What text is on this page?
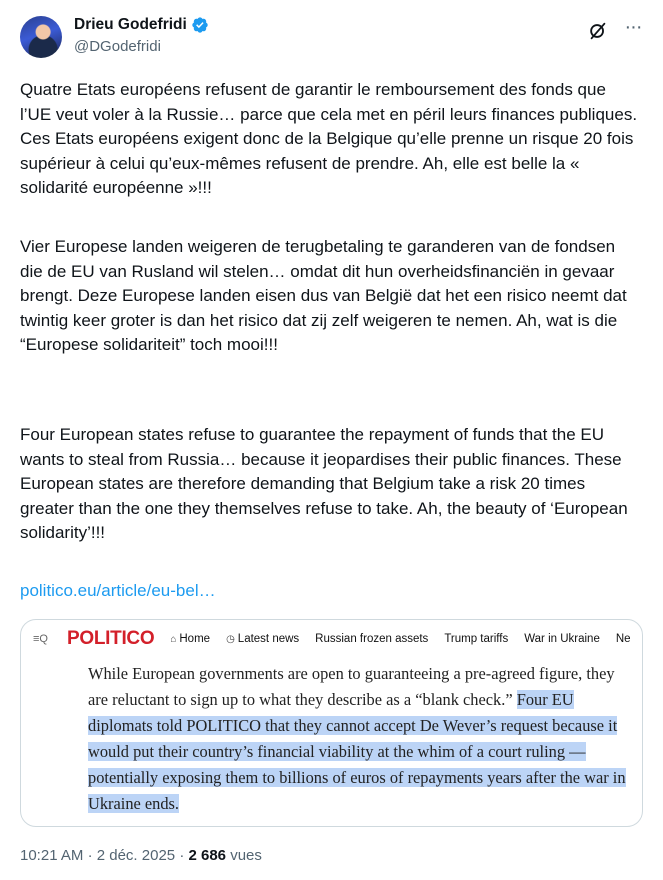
Drieu Godefridi
@DGodefridi
···
Quatre Etats européens refusent de garantir le remboursement des fonds que l’UE veut voler à la Russie… parce que cela met en péril leurs finances publiques. Ces Etats européens exigent donc de la Belgique qu’elle prenne un risque 20 fois supérieur à celui qu’eux-mêmes refusent de prendre. Ah, elle est belle la « solidarité européenne »!!!
Vier Europese landen weigeren de terugbetaling te garanderen van de fondsen die de EU van Rusland wil stelen… omdat dit hun overheidsfinanciën in gevaar brengt. Deze Europese landen eisen dus van België dat het een risico neemt dat twintig keer groter is dan het risico dat zij zelf weigeren te nemen. Ah, wat is die “Europese solidariteit” toch mooi!!!
Four European states refuse to guarantee the repayment of funds that the EU wants to steal from Russia… because it jeopardises their public finances. These European states are therefore demanding that Belgium take a risk 20 times greater than the one they themselves refuse to take. Ah, the beauty of ‘European solidarity’!!!
politico.eu/article/eu-bel…
≡Q POLITICO ⌂ Home ◷ Latest news Russian frozen assets Trump tariffs War in Ukraine Ne
While European governments are open to guaranteeing a pre-agreed figure, they are reluctant to sign up to what they describe as a “blank check.” Four EU diplomats told POLITICO that they cannot accept De Wever’s request because it would put their country’s financial viability at the whim of a court ruling — potentially exposing them to billions of euros of repayments years after the war in Ukraine ends.
10:21 AM · 2 déc. 2025 · 2 686 vues
